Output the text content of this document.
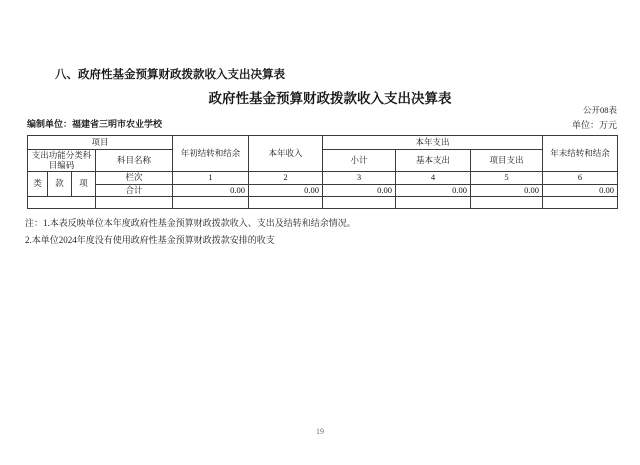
八、政府性基金预算财政拨款收入支出决算表
政府性基金预算财政拨款收入支出决算表
公开08表
编制单位：福建省三明市农业学校	单位：万元
项目				年初结转和结余	本年收入	本年支出			年末结转和结余
支出功能分类科目编码			科目名称			小计	基本支出	项目支出	
类	款	项	栏次	1	2	3	4	5	6
			合计	0.00	0.00	0.00	0.00	0.00	0.00

注：1.本表反映单位本年度政府性基金预算财政拨款收入、支出及结转和结余情况。
2.本单位2024年度没有使用政府性基金预算财政拨款安排的收支
19
